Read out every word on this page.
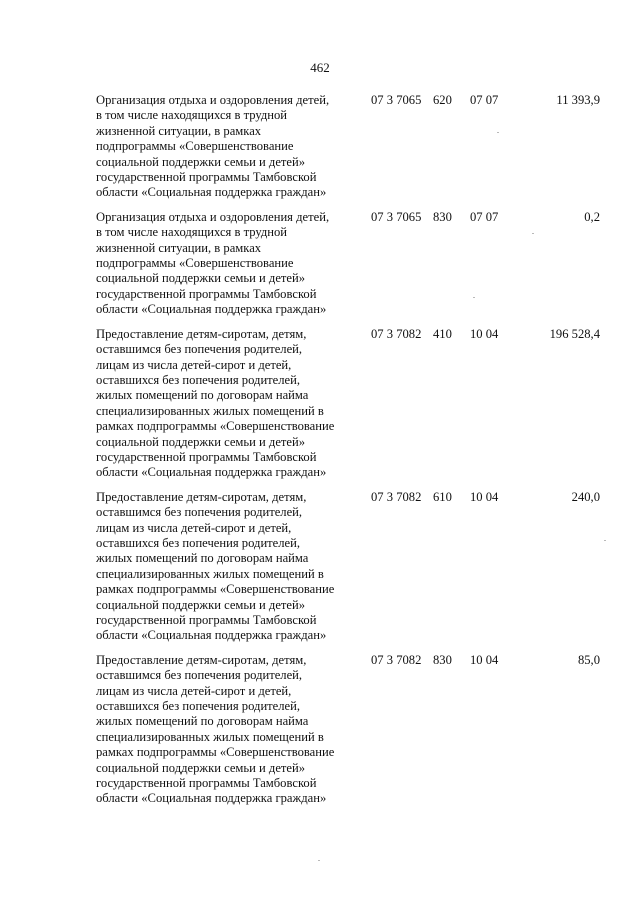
462
Организация отдыха и оздоровления детей,
в том числе находящихся в трудной
жизненной ситуации, в рамках
подпрограммы «Совершенствование
социальной поддержки семьи и детей»
государственной программы Тамбовской
области «Социальная поддержка граждан»
07 3 7065 620 07 07	11 393,9
Организация отдыха и оздоровления детей,
в том числе находящихся в трудной
жизненной ситуации, в рамках
подпрограммы «Совершенствование
социальной поддержки семьи и детей»
государственной программы Тамбовской
области «Социальная поддержка граждан»
07 3 7065 830 07 07	0,2
Предоставление детям-сиротам, детям,
оставшимся без попечения родителей,
лицам из числа детей-сирот и детей,
оставшихся без попечения родителей,
жилых помещений по договорам найма
специализированных жилых помещений в
рамках подпрограммы «Совершенствование
социальной поддержки семьи и детей»
государственной программы Тамбовской
области «Социальная поддержка граждан»
07 3 7082 410 10 04	196 528,4
Предоставление детям-сиротам, детям,
оставшимся без попечения родителей,
лицам из числа детей-сирот и детей,
оставшихся без попечения родителей,
жилых помещений по договорам найма
специализированных жилых помещений в
рамках подпрограммы «Совершенствование
социальной поддержки семьи и детей»
государственной программы Тамбовской
области «Социальная поддержка граждан»
07 3 7082 610 10 04	240,0
Предоставление детям-сиротам, детям,
оставшимся без попечения родителей,
лицам из числа детей-сирот и детей,
оставшихся без попечения родителей,
жилых помещений по договорам найма
специализированных жилых помещений в
рамках подпрограммы «Совершенствование
социальной поддержки семьи и детей»
государственной программы Тамбовской
области «Социальная поддержка граждан»
07 3 7082 830 10 04	85,0
